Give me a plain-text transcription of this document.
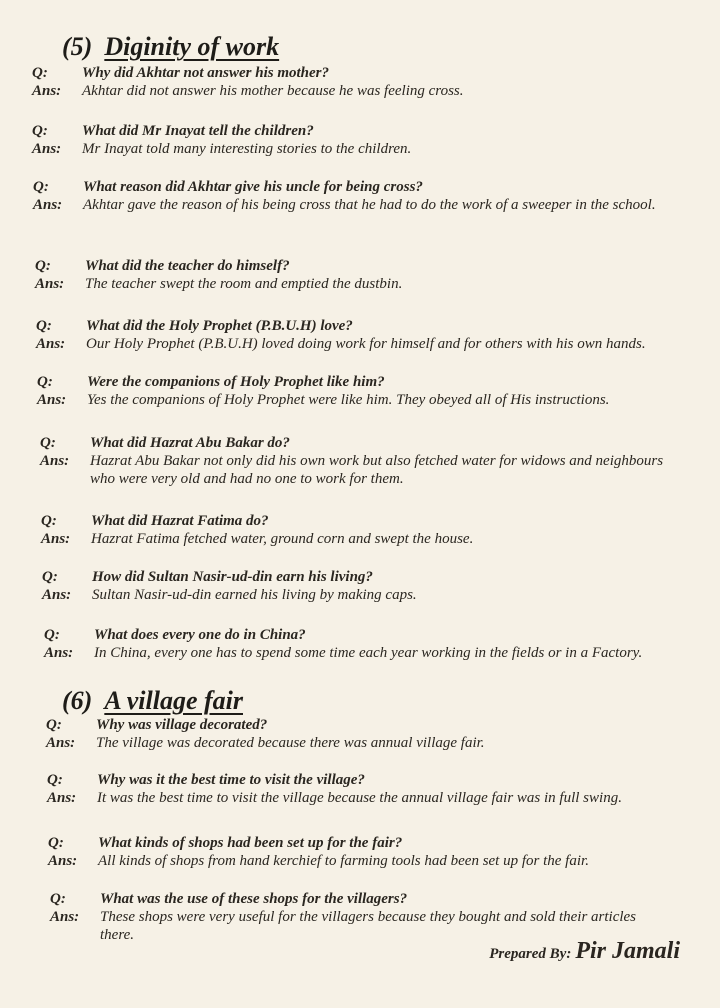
(5) Diginity of work
Q:	Why did Akhtar not answer his mother?
Ans:	Akhtar did not answer his mother because he was feeling cross.
Q:	What did Mr Inayat tell the children?
Ans:	Mr Inayat told many interesting stories to the children.
Q:	What reason did Akhtar give his uncle for being cross?
Ans:	Akhtar gave the reason of his being cross that he had to do the work of a sweeper in the school.
Q:	What did the teacher do himself?
Ans:	The teacher swept the room and emptied the dustbin.
Q:	What did the Holy Prophet (P.B.U.H) love?
Ans:	Our Holy Prophet (P.B.U.H) loved doing work for himself and for others with his own hands.
Q:	Were the companions of Holy Prophet like him?
Ans:	Yes the companions of Holy Prophet were like him. They obeyed all of His instructions.
Q:	What did Hazrat Abu Bakar do?
Ans:	Hazrat Abu Bakar not only did his own work but also fetched water for widows and neighbours who were very old and had no one to work for them.
Q:	What did Hazrat Fatima do?
Ans:	Hazrat Fatima fetched water, ground corn and swept the house.
Q:	How did Sultan Nasir-ud-din earn his living?
Ans:	Sultan Nasir-ud-din earned his living by making caps.
Q:	What does every one do in China?
Ans:	In China, every one has to spend some time each year working in the fields or in a Factory.
(6) A village fair
Q:	Why was village decorated?
Ans:	The village was decorated because there was annual village fair.
Q:	Why was it the best time to visit the village?
Ans:	It was the best time to visit the village because the annual village fair was in full swing.
Q:	What kinds of shops had been set up for the fair?
Ans:	All kinds of shops from hand kerchief to farming tools had been set up for the fair.
Q:	What was the use of these shops for the villagers?
Ans:	These shops were very useful for the villagers because they bought and sold their articles there.
Prepared By: Pir Jamali
